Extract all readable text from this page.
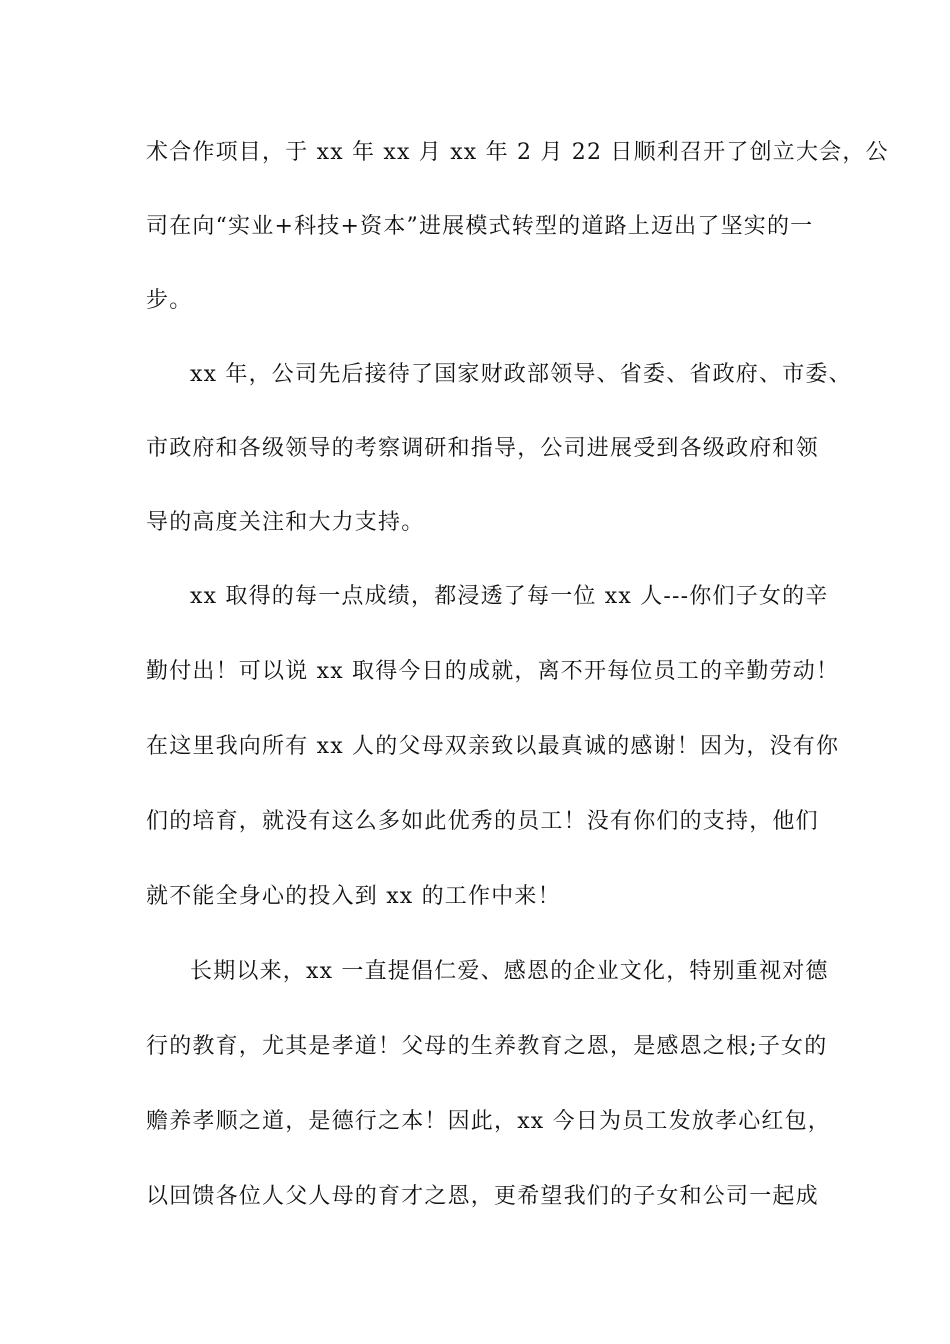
术合作项目，于 xx 年 xx 月 xx 年 2 月 22 日顺利召开了创立大会，公
司在向“实业+科技+资本”进展模式转型的道路上迈出了坚实的一
步。
xx 年，公司先后接待了国家财政部领导、省委、省政府、市委、
市政府和各级领导的考察调研和指导，公司进展受到各级政府和领
导的高度关注和大力支持。
xx 取得的每一点成绩，都浸透了每一位 xx 人---你们子女的辛
勤付出！可以说 xx 取得今日的成就，离不开每位员工的辛勤劳动！
在这里我向所有 xx 人的父母双亲致以最真诚的感谢！因为，没有你
们的培育，就没有这么多如此优秀的员工！没有你们的支持，他们
就不能全身心的投入到 xx 的工作中来！
长期以来，xx 一直提倡仁爱、感恩的企业文化，特别重视对德
行的教育，尤其是孝道！父母的生养教育之恩，是感恩之根;子女的
赡养孝顺之道，是德行之本！因此，xx 今日为员工发放孝心红包，
以回馈各位人父人母的育才之恩，更希望我们的子女和公司一起成
